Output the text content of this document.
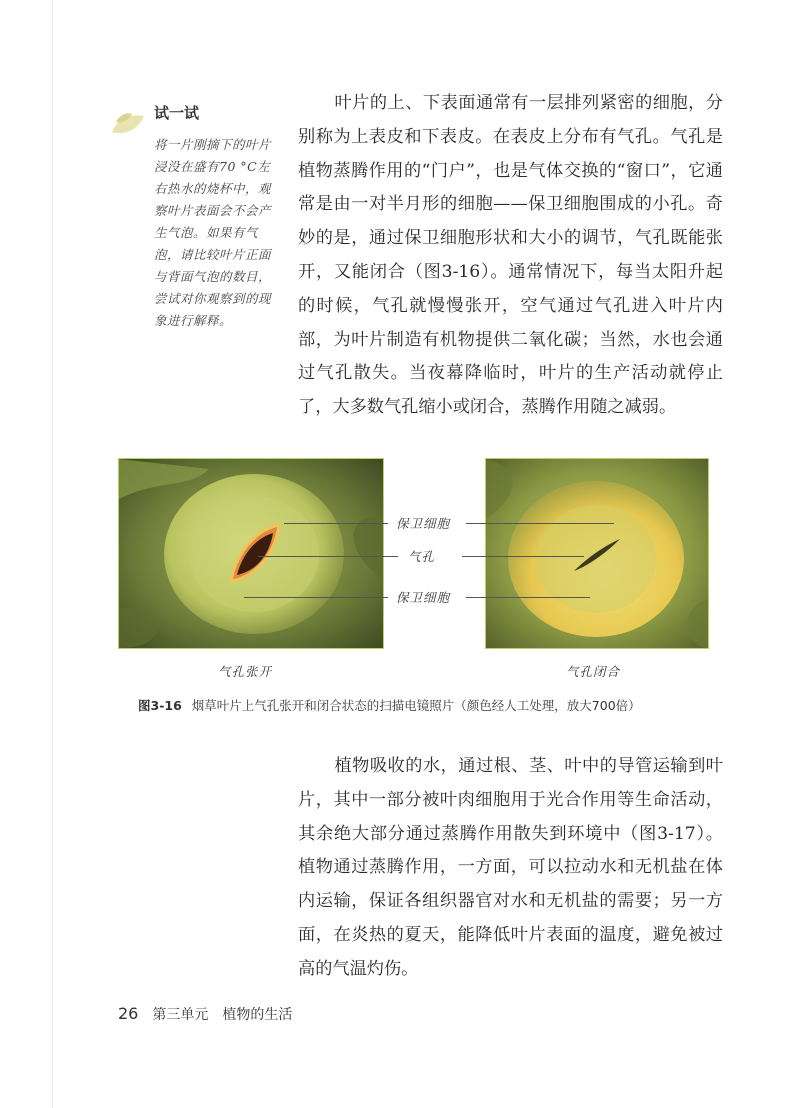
试一试
将一片刚摘下的叶片浸没在盛有70 °C左右热水的烧杯中，观察叶片表面会不会产生气泡。如果有气泡，请比较叶片正面与背面气泡的数目，尝试对你观察到的现象进行解释。
叶片的上、下表面通常有一层排列紧密的细胞，分别称为上表皮和下表皮。在表皮上分布有气孔。气孔是植物蒸腾作用的“门户”，也是气体交换的“窗口”，它通常是由一对半月形的细胞——保卫细胞围成的小孔。奇妙的是，通过保卫细胞形状和大小的调节，气孔既能张开，又能闭合（图3-16）。通常情况下，每当太阳升起的时候，气孔就慢慢张开，空气通过气孔进入叶片内部，为叶片制造有机物提供二氧化碳；当然，水也会通过气孔散失。当夜幕降临时，叶片的生产活动就停止了，大多数气孔缩小或闭合，蒸腾作用随之减弱。
保卫细胞
气孔
保卫细胞
气孔张开	气孔闭合
图3-16 烟草叶片上气孔张开和闭合状态的扫描电镜照片（颜色经人工处理，放大700倍）
植物吸收的水，通过根、茎、叶中的导管运输到叶片，其中一部分被叶肉细胞用于光合作用等生命活动，其余绝大部分通过蒸腾作用散失到环境中（图3-17）。植物通过蒸腾作用，一方面，可以拉动水和无机盐在体内运输，保证各组织器官对水和无机盐的需要；另一方面，在炎热的夏天，能降低叶片表面的温度，避免被过高的气温灼伤。
26 第三单元 植物的生活
